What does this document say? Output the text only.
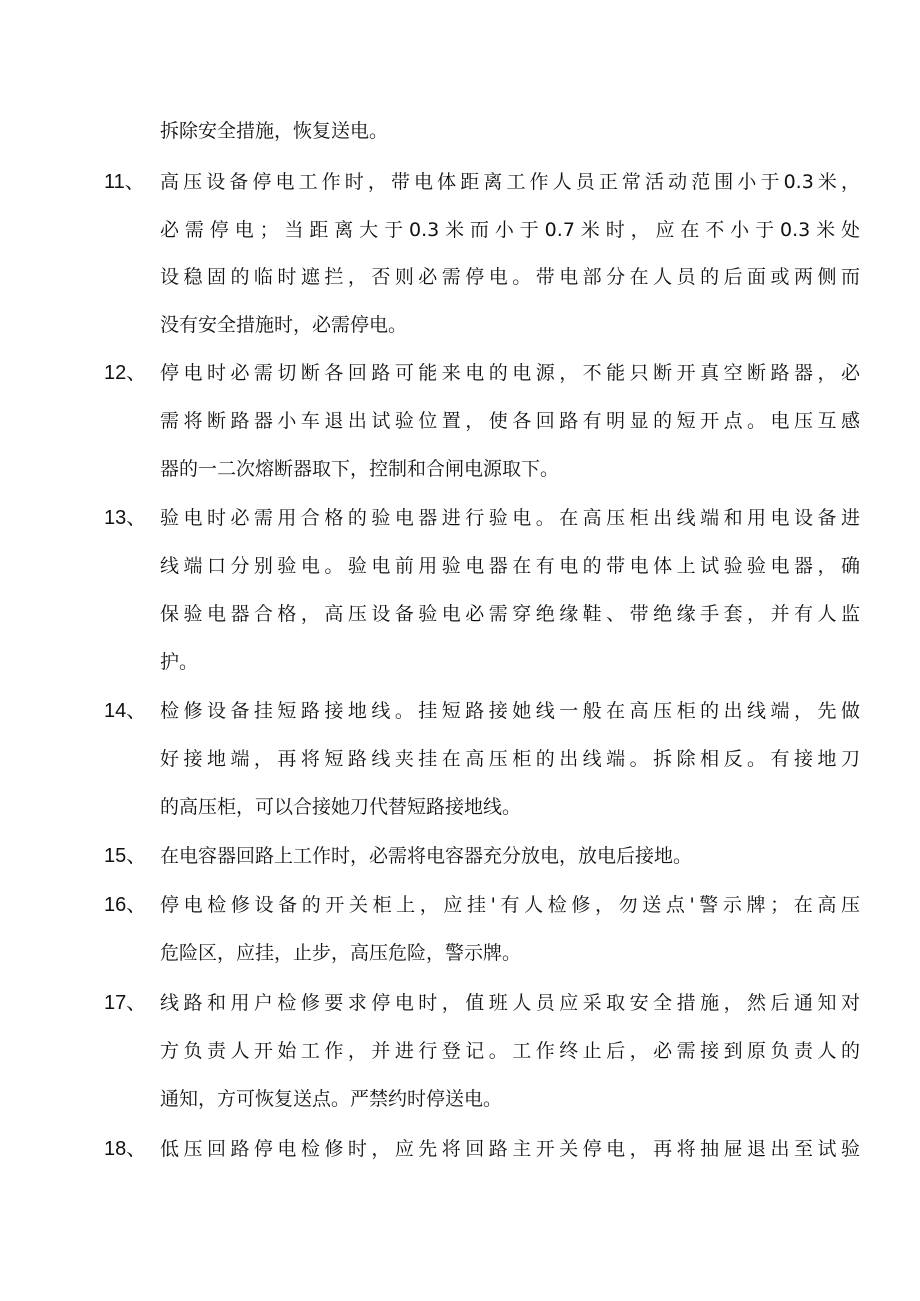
拆除安全措施，恢复送电。
11、 高压设备停电工作时，带电体距离工作人员正常活动范围小于0.3米，
必需停电；当距离大于0.3米而小于0.7米时，应在不小于0.3米处
设稳固的临时遮拦，否则必需停电。带电部分在人员的后面或两侧而
没有安全措施时，必需停电。
12、 停电时必需切断各回路可能来电的电源，不能只断开真空断路器，必
需将断路器小车退出试验位置，使各回路有明显的短开点。电压互感
器的一二次熔断器取下，控制和合闸电源取下。
13、 验电时必需用合格的验电器进行验电。在高压柜出线端和用电设备进
线端口分别验电。验电前用验电器在有电的带电体上试验验电器，确
保验电器合格，高压设备验电必需穿绝缘鞋、带绝缘手套，并有人监
护。
14、 检修设备挂短路接地线。挂短路接她线一般在高压柜的出线端，先做
好接地端，再将短路线夹挂在高压柜的出线端。拆除相反。有接地刀
的高压柜，可以合接她刀代替短路接地线。
15、 在电容器回路上工作时，必需将电容器充分放电，放电后接地。
16、 停电检修设备的开关柜上，应挂'有人检修，勿送点'警示牌；在高压
危险区，应挂，止步，高压危险，警示牌。
17、 线路和用户检修要求停电时，值班人员应采取安全措施，然后通知对
方负责人开始工作，并进行登记。工作终止后，必需接到原负责人的
通知，方可恢复送点。严禁约时停送电。
18、 低压回路停电检修时，应先将回路主开关停电，再将抽屉退出至试验
